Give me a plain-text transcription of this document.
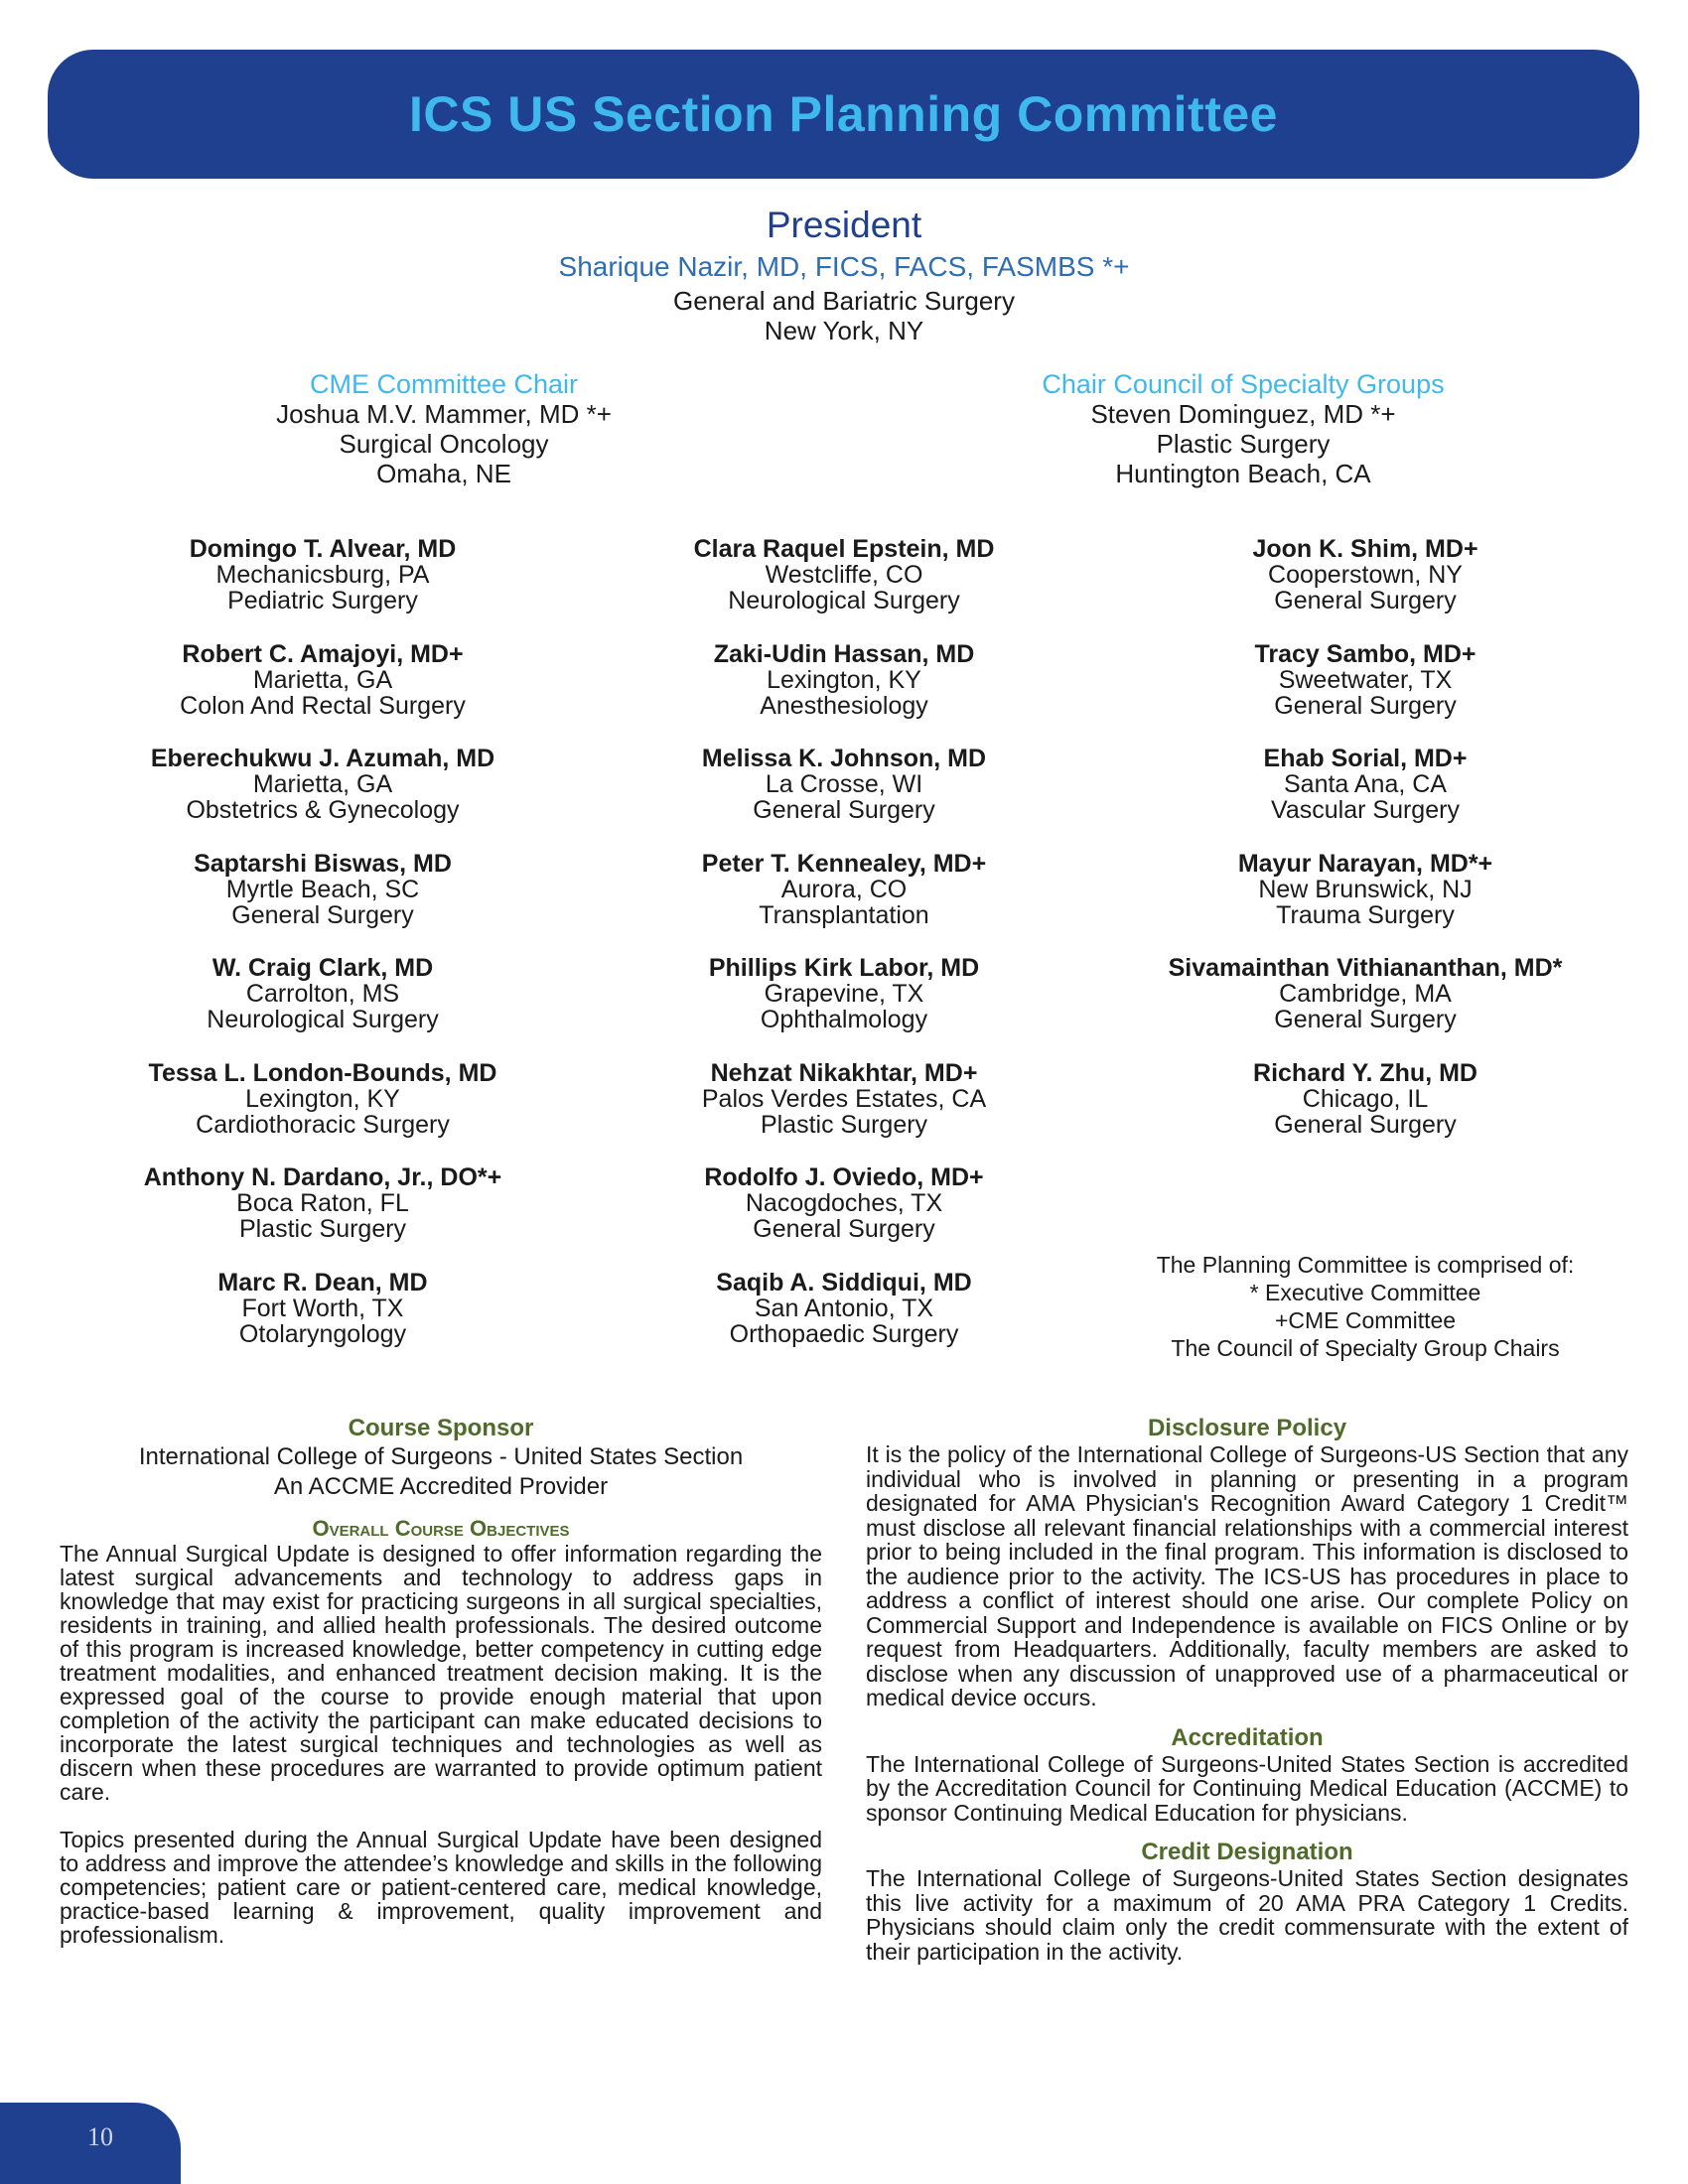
ICS US Section Planning Committee
President
Sharique Nazir, MD, FICS, FACS, FASMBS *+
General and Bariatric Surgery
New York, NY
CME Committee Chair
Joshua M.V. Mammer, MD *+
Surgical Oncology
Omaha, NE
Chair Council of Specialty Groups
Steven Dominguez, MD *+
Plastic Surgery
Huntington Beach, CA
Domingo T. Alvear, MD
Mechanicsburg, PA
Pediatric Surgery
Robert C. Amajoyi, MD+
Marietta, GA
Colon And Rectal Surgery
Eberechukwu J. Azumah, MD
Marietta, GA
Obstetrics & Gynecology
Saptarshi Biswas, MD
Myrtle Beach, SC
General Surgery
W. Craig Clark, MD
Carrolton, MS
Neurological Surgery
Tessa L. London-Bounds, MD
Lexington, KY
Cardiothoracic Surgery
Anthony N. Dardano, Jr., DO*+
Boca Raton, FL
Plastic Surgery
Marc R. Dean, MD
Fort Worth, TX
Otolaryngology
Clara Raquel Epstein, MD
Westcliffe, CO
Neurological Surgery
Zaki-Udin Hassan, MD
Lexington, KY
Anesthesiology
Melissa K. Johnson, MD
La Crosse, WI
General Surgery
Peter T. Kennealey, MD+
Aurora, CO
Transplantation
Phillips Kirk Labor, MD
Grapevine, TX
Ophthalmology
Nehzat Nikakhtar, MD+
Palos Verdes Estates, CA
Plastic Surgery
Rodolfo J. Oviedo, MD+
Nacogdoches, TX
General Surgery
Saqib A. Siddiqui, MD
San Antonio, TX
Orthopaedic Surgery
Joon K. Shim, MD+
Cooperstown, NY
General Surgery
Tracy Sambo, MD+
Sweetwater, TX
General Surgery
Ehab Sorial, MD+
Santa Ana, CA
Vascular Surgery
Mayur Narayan, MD*+
New Brunswick, NJ
Trauma Surgery
Sivamainthan Vithiananthan, MD*
Cambridge, MA
General Surgery
Richard Y. Zhu, MD
Chicago, IL
General Surgery
The Planning Committee is comprised of:
* Executive Committee
+CME Committee
The Council of Specialty Group Chairs
Course Sponsor
International College of Surgeons - United States Section
An ACCME Accredited Provider
Overall Course Objectives

The Annual Surgical Update is designed to offer information regarding the latest surgical advancements and technology to address gaps in knowledge that may exist for practicing surgeons in all surgical specialties, residents in training, and allied health professionals. The desired outcome of this program is increased knowledge, better competency in cutting edge treatment modalities, and enhanced treatment decision making. It is the expressed goal of the course to provide enough material that upon completion of the activity the participant can make educated decisions to incorporate the latest surgical techniques and technologies as well as discern when these procedures are warranted to provide optimum patient care.

Topics presented during the Annual Surgical Update have been designed to address and improve the attendee’s knowledge and skills in the following competencies; patient care or patient-centered care, medical knowledge, practice-based learning & improvement, quality improvement and professionalism.

Disclosure Policy

It is the policy of the International College of Surgeons-US Section that any individual who is involved in planning or presenting in a program designated for AMA Physician's Recognition Award Category 1 Credit™ must disclose all relevant financial relationships with a commercial interest prior to being included in the final program. This information is disclosed to the audience prior to the activity. The ICS-US has procedures in place to address a conflict of interest should one arise. Our complete Policy on Commercial Support and Independence is available on FICS Online or by request from Headquarters. Additionally, faculty members are asked to disclose when any discussion of unapproved use of a pharmaceutical or medical device occurs.

Accreditation

The International College of Surgeons-United States Section is accredited by the Accreditation Council for Continuing Medical Education (ACCME) to sponsor Continuing Medical Education for physicians.

Credit Designation

The International College of Surgeons-United States Section designates this live activity for a maximum of 20 AMA PRA Category 1 Credits. Physicians should claim only the credit commensurate with the extent of their participation in the activity.

10
